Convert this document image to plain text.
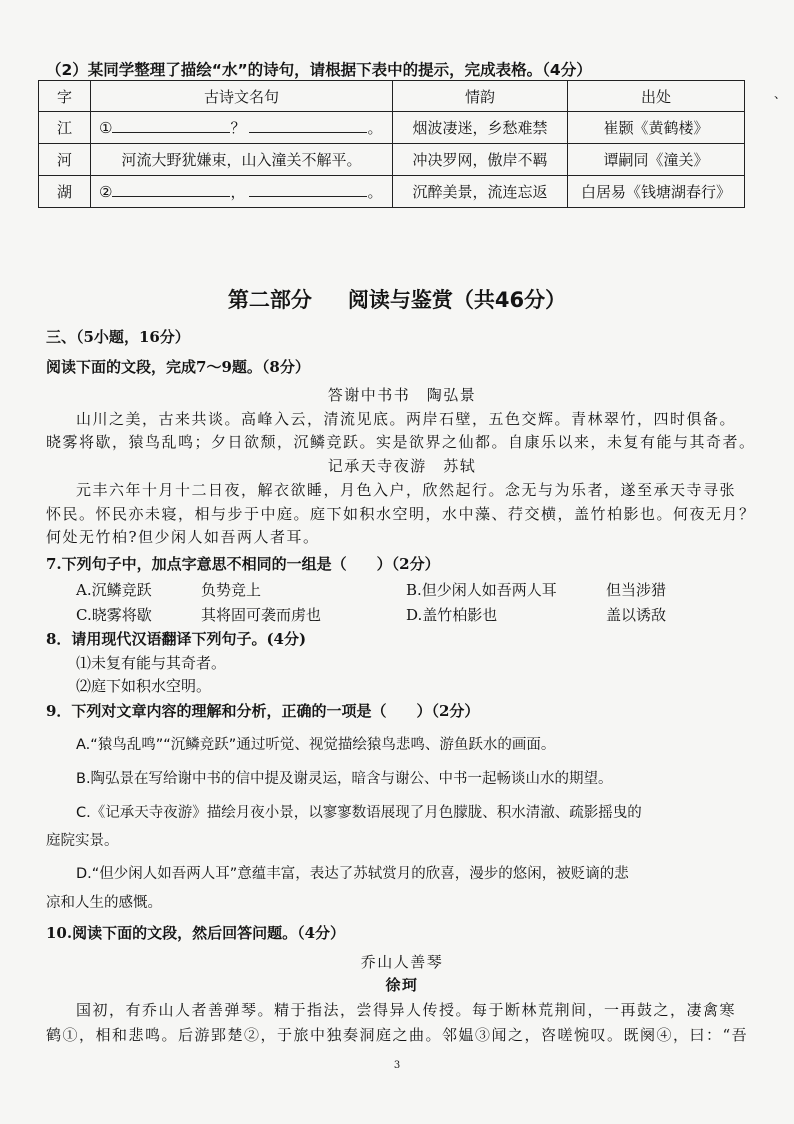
（2）某同学整理了描绘“水”的诗句，请根据下表中的提示，完成表格。（4分）
字	古诗文名句	情韵	出处
江	① ？ 。	烟波凄迷，乡愁难禁	崔颢《黄鹤楼》
河	河流大野犹嫌束，山入潼关不解平。	冲决罗网，傲岸不羁	谭嗣同《潼关》
湖	② ， 。	沉醉美景，流连忘返	白居易《钱塘湖春行》
第二部分 阅读与鉴赏（共46分）
三、（5小题，16分）
阅读下面的文段，完成7～9题。（8分）
答谢中书书　陶弘景
山川之美，古来共谈。高峰入云，清流见底。两岸石壁，五色交辉。青林翠竹，四时俱备。
晓雾将歇，猿鸟乱鸣；夕日欲颓，沉鳞竞跃。实是欲界之仙都。自康乐以来，未复有能与其奇者。
记承天寺夜游　苏轼
元丰六年十月十二日夜，解衣欲睡，月色入户，欣然起行。念无与为乐者，遂至承天寺寻张
怀民。怀民亦未寝，相与步于中庭。庭下如积水空明，水中藻、荇交横，盖竹柏影也。何夜无月？
何处无竹柏?但少闲人如吾两人者耳。
7.下列句子中，加点字意思不相同的一组是（　　）（2分）
A.沉鳞竞跃	负势竞上	B.但少闲人如吾两人耳	但当涉猎
C.晓雾将歇	其将固可袭而虏也	D.盖竹柏影也	盖以诱敌
8．请用现代汉语翻译下列句子。(4分)
⑴未复有能与其奇者。
⑵庭下如积水空明。
9．下列对文章内容的理解和分析，正确的一项是（　　）（2分）
A.“猿鸟乱鸣”“沉鳞竞跃”通过听觉、视觉描绘猿鸟悲鸣、游鱼跃水的画面。
B.陶弘景在写给谢中书的信中提及谢灵运，暗含与谢公、中书一起畅谈山水的期望。
C.《记承天寺夜游》描绘月夜小景，以寥寥数语展现了月色朦胧、积水清澈、疏影摇曳的
庭院实景。
D.“但少闲人如吾两人耳”意蕴丰富，表达了苏轼赏月的欣喜，漫步的悠闲，被贬谪的悲
凉和人生的感慨。
10.阅读下面的文段，然后回答问题。（4分）
乔山人善琴
徐珂
国初，有乔山人者善弹琴。精于指法，尝得异人传授。每于断林荒荆间，一再鼓之，凄禽寒
鹤①，相和悲鸣。后游郢楚②，于旅中独奏洞庭之曲。邻媪③闻之，咨嗟惋叹。既阕④，曰：“吾
3
、
